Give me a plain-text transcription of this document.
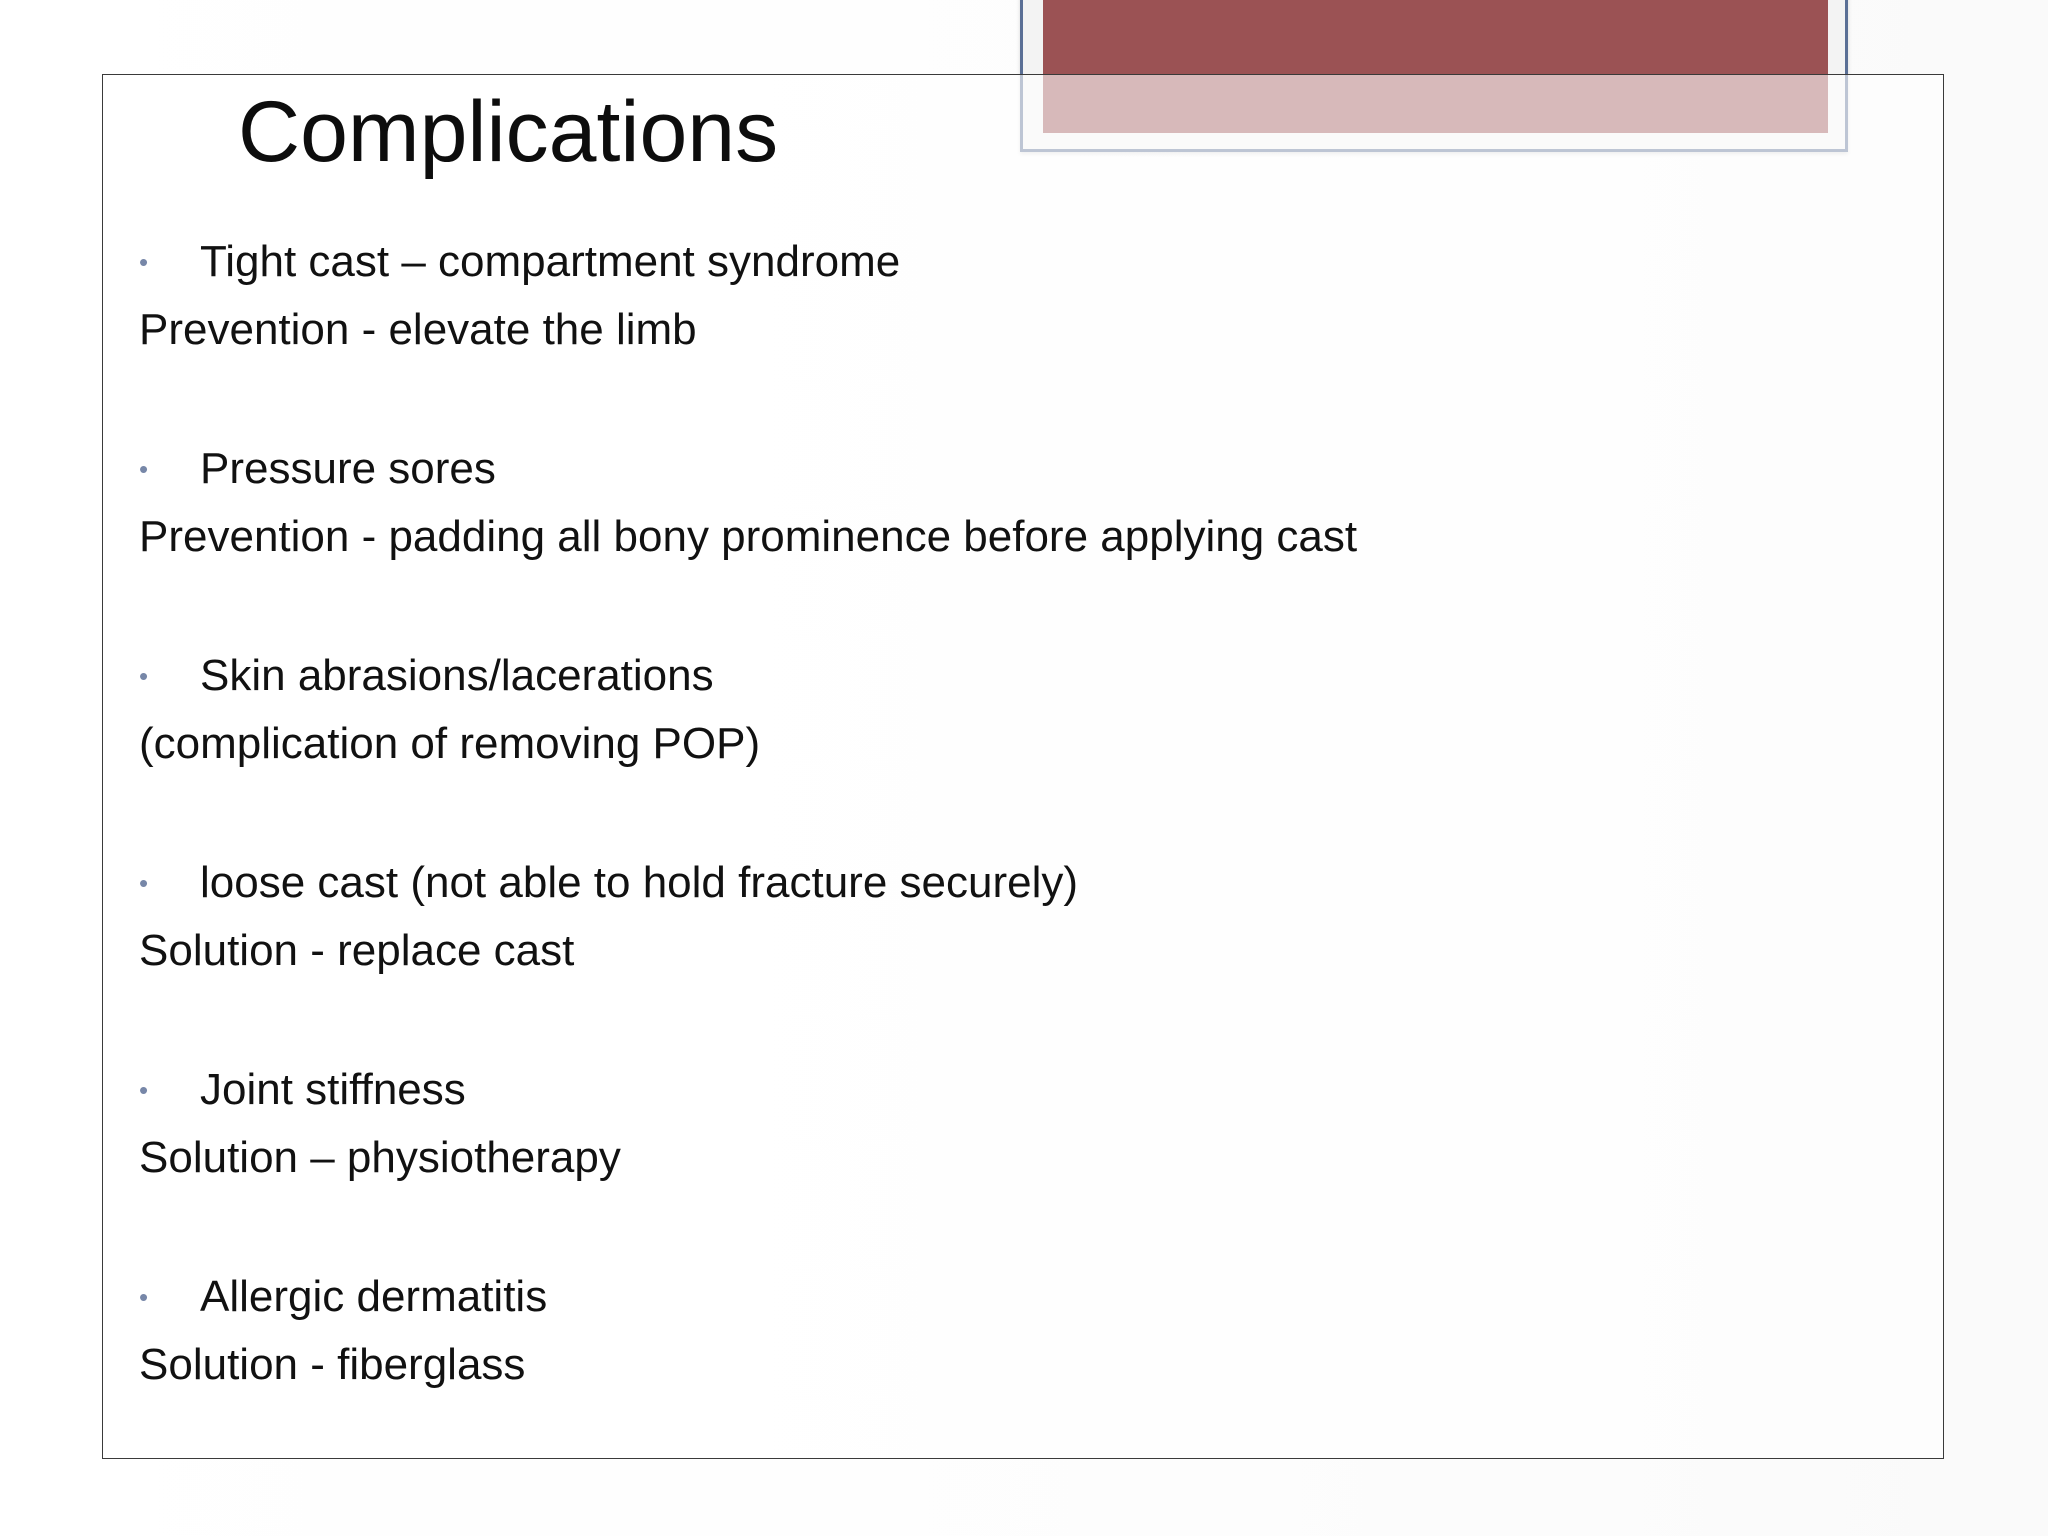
Complications
•	Tight cast – compartment syndrome
Prevention - elevate the limb
•	Pressure sores
Prevention - padding all bony prominence before applying cast
•	Skin abrasions/lacerations
(complication of removing POP)
•	loose cast (not able to hold fracture securely)
Solution - replace cast
•	Joint stiffness
Solution – physiotherapy
•	Allergic dermatitis
Solution - fiberglass
